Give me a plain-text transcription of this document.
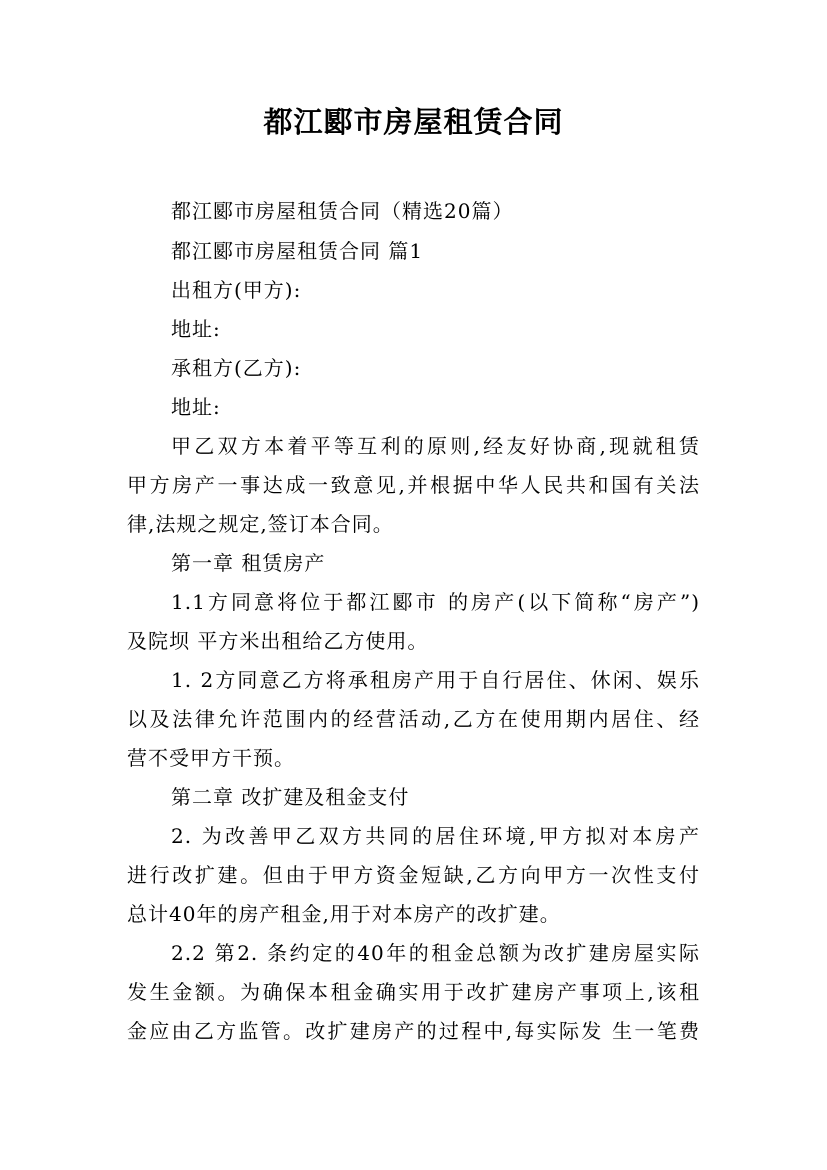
都江郾市房屋租赁合同
都江郾市房屋租赁合同（精选20篇）
都江郾市房屋租赁合同 篇1
出租方(甲方):
地址:
承租方(乙方):
地址:
甲乙双方本着平等互利的原则,经友好协商,现就租赁
甲方房产一事达成一致意见,并根据中华人民共和国有关法
律,法规之规定,签订本合同。
第一章 租赁房产
1.1方同意将位于都江郾市 的房产(以下简称“房产”)
及院坝 平方米出租给乙方使用。
1. 2方同意乙方将承租房产用于自行居住、休闲、娱乐
以及法律允许范围内的经营活动,乙方在使用期内居住、经
营不受甲方干预。
第二章 改扩建及租金支付
2. 为改善甲乙双方共同的居住环境,甲方拟对本房产
进行改扩建。但由于甲方资金短缺,乙方向甲方一次性支付
总计40年的房产租金,用于对本房产的改扩建。
2.2 第2. 条约定的40年的租金总额为改扩建房屋实际
发生金额。为确保本租金确实用于改扩建房产事项上,该租
金应由乙方监管。改扩建房产的过程中,每实际发 生一笔费
